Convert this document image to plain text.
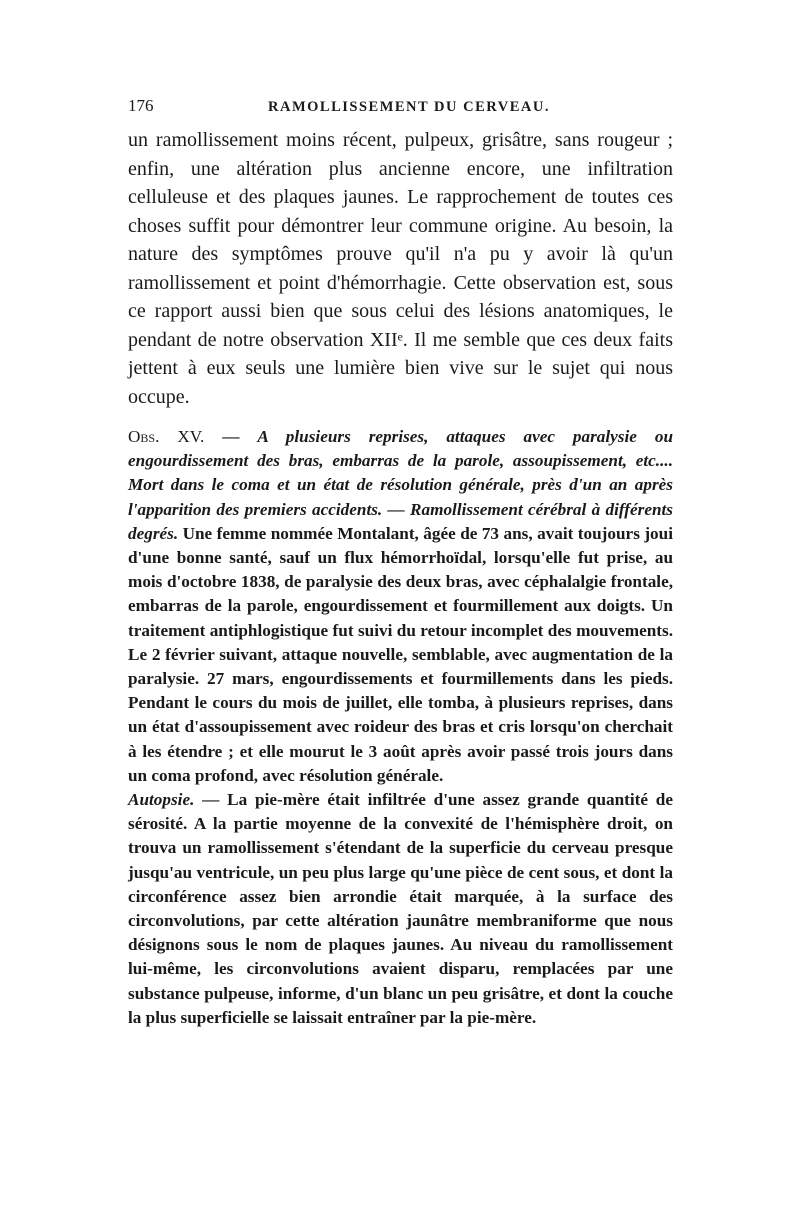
176	RAMOLLISSEMENT DU CERVEAU.

un ramollissement moins récent, pulpeux, grisâtre, sans rougeur ; enfin, une altération plus ancienne encore, une infiltration celluleuse et des plaques jaunes. Le rapprochement de toutes ces choses suffit pour démontrer leur commune origine. Au besoin, la nature des symptômes prouve qu'il n'a pu y avoir là qu'un ramollissement et point d'hémorrhagie. Cette observation est, sous ce rapport aussi bien que sous celui des lésions anatomiques, le pendant de notre observation XIIᵉ. Il me semble que ces deux faits jettent à eux seuls une lumière bien vive sur le sujet qui nous occupe.

Obs. XV. — A plusieurs reprises, attaques avec paralysie ou engourdissement des bras, embarras de la parole, assoupissement, etc.... Mort dans le coma et un état de résolution générale, près d'un an après l'apparition des premiers accidents. — Ramollissement cérébral à différents degrés. Une femme nommée Montalant, âgée de 73 ans, avait toujours joui d'une bonne santé, sauf un flux hémorrhoïdal, lorsqu'elle fut prise, au mois d'octobre 1838, de paralysie des deux bras, avec céphalalgie frontale, embarras de la parole, engourdissement et fourmillement aux doigts. Un traitement antiphlogistique fut suivi du retour incomplet des mouvements. Le 2 février suivant, attaque nouvelle, semblable, avec augmentation de la paralysie. 27 mars, engourdissements et fourmillements dans les pieds. Pendant le cours du mois de juillet, elle tomba, à plusieurs reprises, dans un état d'assoupissement avec roideur des bras et cris lorsqu'on cherchait à les étendre ; et elle mourut le 3 août après avoir passé trois jours dans un coma profond, avec résolution générale.

Autopsie. — La pie-mère était infiltrée d'une assez grande quantité de sérosité. A la partie moyenne de la convexité de l'hémisphère droit, on trouva un ramollissement s'étendant de la superficie du cerveau presque jusqu'au ventricule, un peu plus large qu'une pièce de cent sous, et dont la circonférence assez bien arrondie était marquée, à la surface des circonvolutions, par cette altération jaunâtre membraniforme que nous désignons sous le nom de plaques jaunes. Au niveau du ramollissement lui-même, les circonvolutions avaient disparu, remplacées par une substance pulpeuse, informe, d'un blanc un peu grisâtre, et dont la couche la plus superficielle se laissait entraîner par la pie-mère.
